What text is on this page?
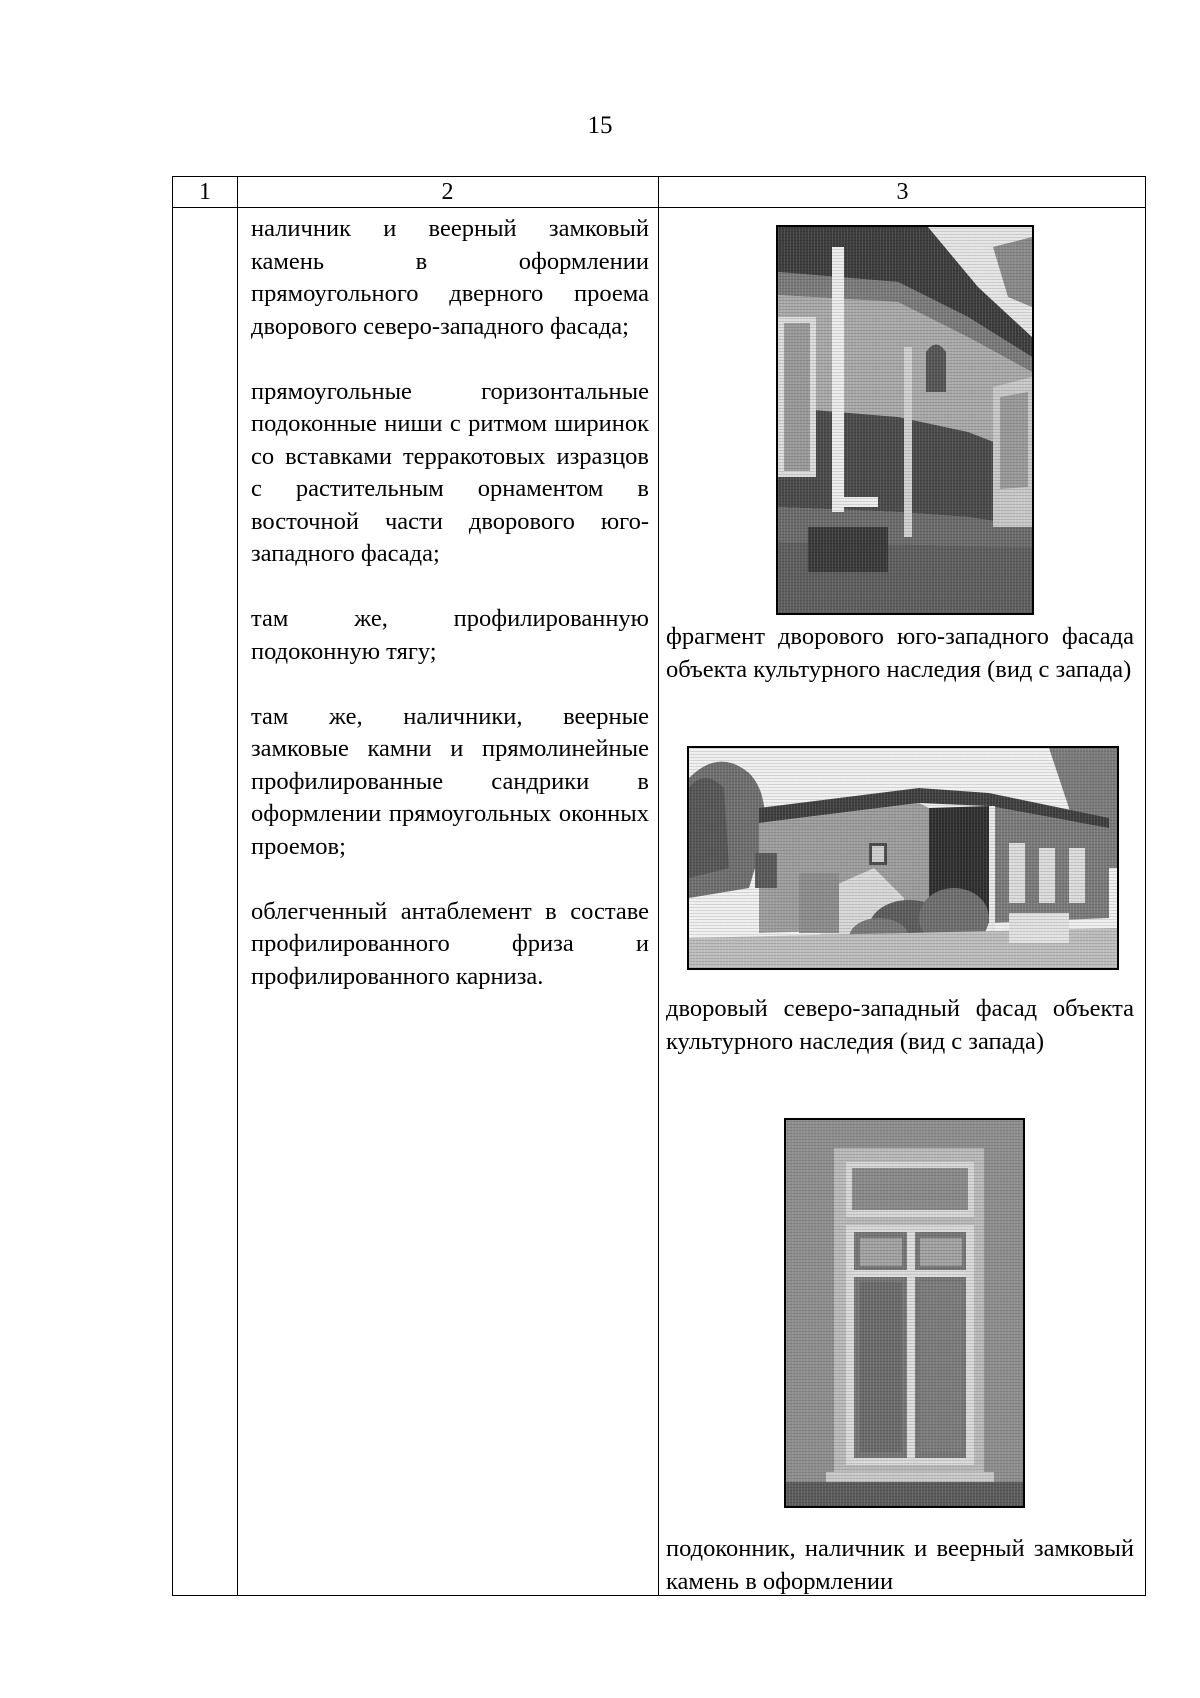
15
1	2	3

наличник и веерный замковый камень в оформлении прямоугольного дверного проема дворового северо-западного фасада;

прямоугольные горизонтальные подоконные ниши с ритмом ширинок со вставками терракотовых изразцов с растительным орнаментом в восточной части дворового юго-западного фасада;

там же, профилированную подоконную тягу;

там же, наличники, веерные замковые камни и прямолинейные профилированные сандрики в оформлении прямоугольных оконных проемов;

облегченный антаблемент в составе профилированного фриза и профилированного карниза.

фрагмент дворового юго-западного фасада объекта культурного наследия (вид с запада)
дворовый северо-западный фасад объекта культурного наследия (вид с запада)
подоконник, наличник и веерный замковый камень в оформлении
